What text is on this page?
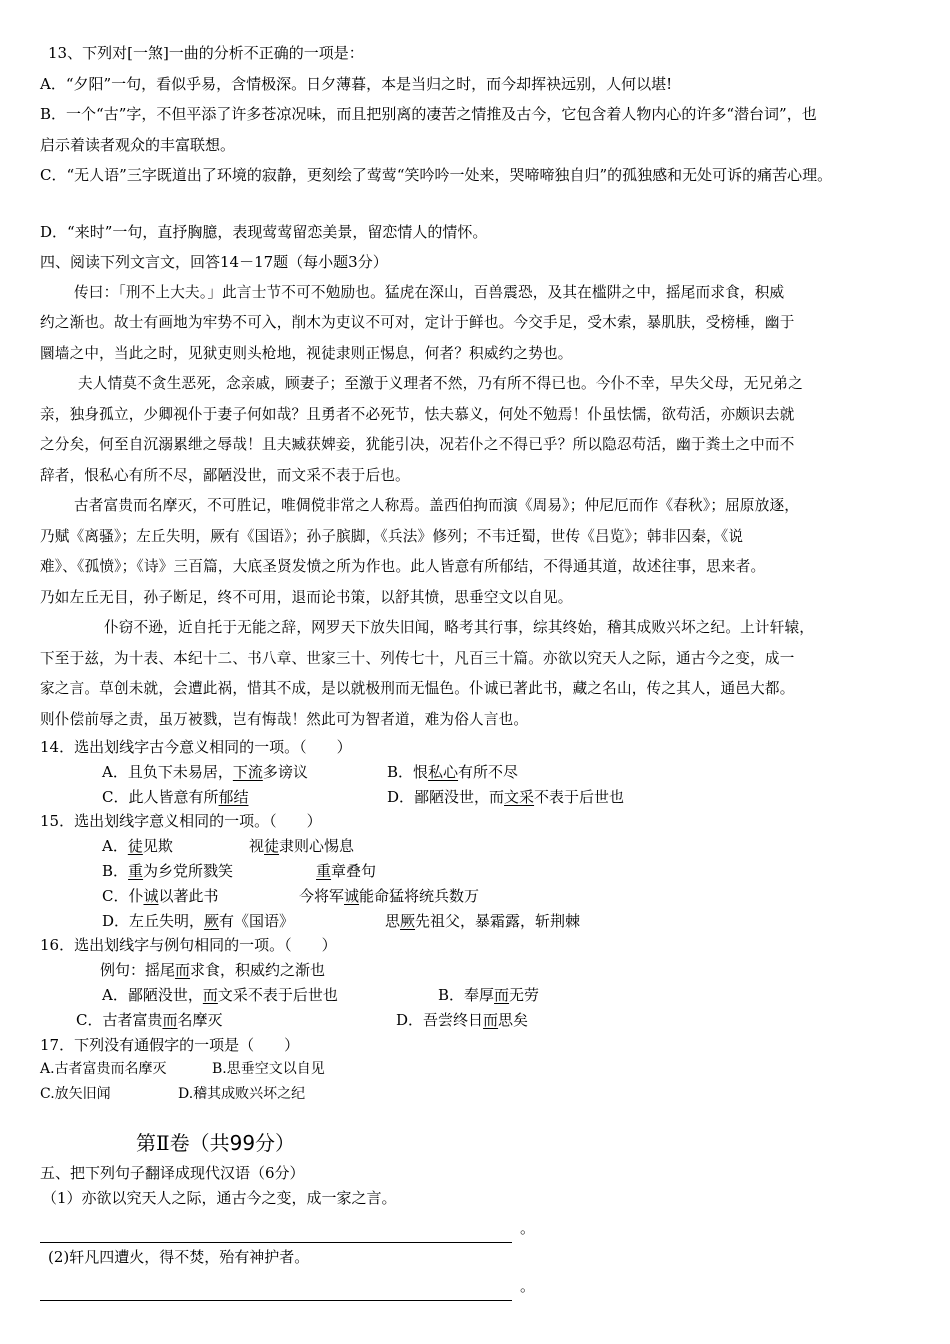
13、下列对[一煞]一曲的分析不正确的一项是：
A．“夕阳”一句，看似乎易，含情极深。日夕薄暮，本是当归之时，而今却挥袂远别，人何以堪!
B．一个“古”字，不但平添了许多苍凉况味，而且把别离的凄苦之情推及古今，它包含着人物内心的许多“潜台词”，也
启示着读者观众的丰富联想。
C．“无人语”三字既道出了环境的寂静，更刻绘了莺莺“笑吟吟一处来，哭啼啼独自归”的孤独感和无处可诉的痛苦心理。
D．“来时”一句，直抒胸臆，表现莺莺留恋美景，留恋情人的情怀。
四、阅读下列文言文，回答14－17题（每小题3分）
传曰：「刑不上大夫。」此言士节不可不勉励也。猛虎在深山，百兽震恐，及其在槛阱之中，摇尾而求食，积威
约之渐也。故士有画地为牢势不可入，削木为吏议不可对，定计于鲜也。今交手足，受木索，暴肌肤，受榜棰，幽于
圜墙之中，当此之时，见狱吏则头枪地，视徒隶则正惕息，何者？积威约之势也。
夫人情莫不贪生恶死，念亲戚，顾妻子；至激于义理者不然，乃有所不得已也。今仆不幸，早失父母，无兄弟之
亲，独身孤立，少卿视仆于妻子何如哉？且勇者不必死节，怯夫慕义，何处不勉焉！仆虽怯懦，欲苟活，亦颇识去就
之分矣，何至自沉溺累绁之辱哉！且夫臧获婢妾，犹能引决，况若仆之不得已乎？所以隐忍苟活，幽于粪土之中而不
辞者，恨私心有所不尽，鄙陋没世，而文采不表于后也。
古者富贵而名摩灭，不可胜记，唯倜傥非常之人称焉。盖西伯拘而演《周易》；仲尼厄而作《春秋》；屈原放逐，
乃赋《离骚》；左丘失明，厥有《国语》；孙子膑脚，《兵法》修列；不韦迁蜀，世传《吕览》；韩非囚秦，《说
难》、《孤愤》；《诗》三百篇，大底圣贤发愤之所为作也。此人皆意有所郁结，不得通其道，故述往事，思来者。
乃如左丘无目，孙子断足，终不可用，退而论书策，以舒其愤，思垂空文以自见。
仆窃不逊，近自托于无能之辞，网罗天下放失旧闻，略考其行事，综其终始，稽其成败兴坏之纪。上计轩辕，
下至于兹，为十表、本纪十二、书八章、世家三十、列传七十，凡百三十篇。亦欲以究天人之际，通古今之变，成一
家之言。草创未就，会遭此祸，惜其不成，是以就极刑而无愠色。仆诚已著此书，藏之名山，传之其人，通邑大都。
则仆偿前辱之责，虽万被戮，岂有悔哉！然此可为智者道，难为俗人言也。
14．选出划线字古今意义相同的一项。（　　）
A．且负下未易居，下流多谤议	B．恨私心有所不尽
C．此人皆意有所郁结	D．鄙陋没世，而文采不表于后世也
15．选出划线字意义相同的一项。（　　）
A．徒见欺	视徒隶则心惕息
B．重为乡党所戮笑	重章叠句
C．仆诚以著此书	今将军诚能命猛将统兵数万
D．左丘失明，厥有《国语》	思厥先祖父，暴霜露，斩荆棘
16．选出划线字与例句相同的一项。（　　）
例句：摇尾而求食，积威约之渐也
A．鄙陋没世，而文采不表于后世也	B．奉厚而无劳
C．古者富贵而名摩灭	D．吾尝终日而思矣
17．下列没有通假字的一项是（　　）
A.古者富贵而名摩灭	B.思垂空文以自见
C.放矢旧闻	D.稽其成败兴坏之纪
第Ⅱ卷（共99分）
五、把下列句子翻译成现代汉语（6分）
（1）亦欲以究天人之际，通古今之变，成一家之言。
。
(2)轩凡四遭火，得不焚，殆有神护者。
。
